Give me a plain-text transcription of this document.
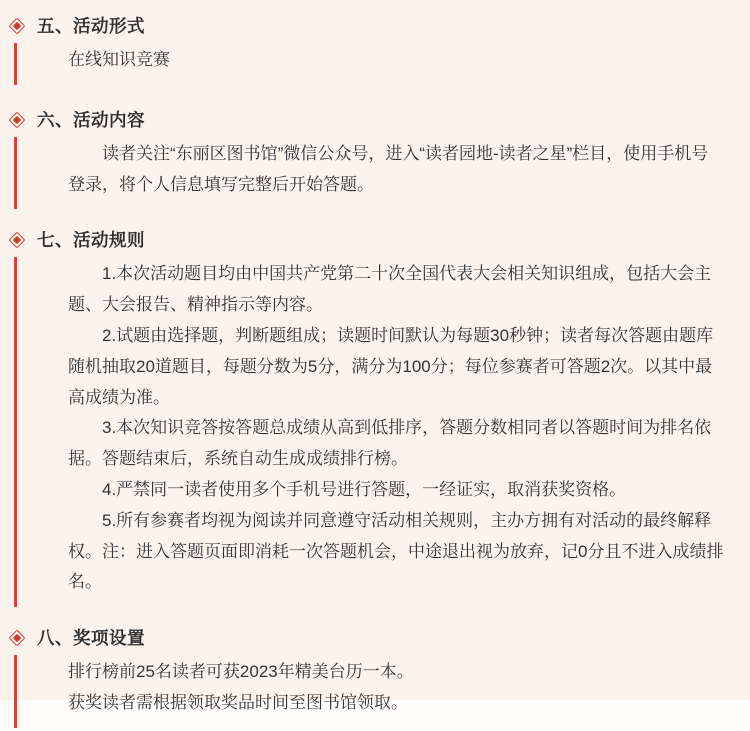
五、活动形式

在线知识竞赛

六、活动内容

读者关注“东丽区图书馆”微信公众号，进入“读者园地-读者之星”栏目，使用手机号登录，将个人信息填写完整后开始答题。

七、活动规则

1.本次活动题目均由中国共产党第二十次全国代表大会相关知识组成，包括大会主题、大会报告、精神指示等内容。

2.试题由选择题，判断题组成；读题时间默认为每题30秒钟；读者每次答题由题库随机抽取20道题目，每题分数为5分，满分为100分；每位参赛者可答题2次。以其中最高成绩为准。

3.本次知识竞答按答题总成绩从高到低排序，答题分数相同者以答题时间为排名依据。答题结束后，系统自动生成成绩排行榜。

4.严禁同一读者使用多个手机号进行答题，一经证实，取消获奖资格。

5.所有参赛者均视为阅读并同意遵守活动相关规则，主办方拥有对活动的最终解释权。注：进入答题页面即消耗一次答题机会，中途退出视为放弃，记0分且不进入成绩排名。

八、奖项设置

排行榜前25名读者可获2023年精美台历一本。

获奖读者需根据领取奖品时间至图书馆领取。
